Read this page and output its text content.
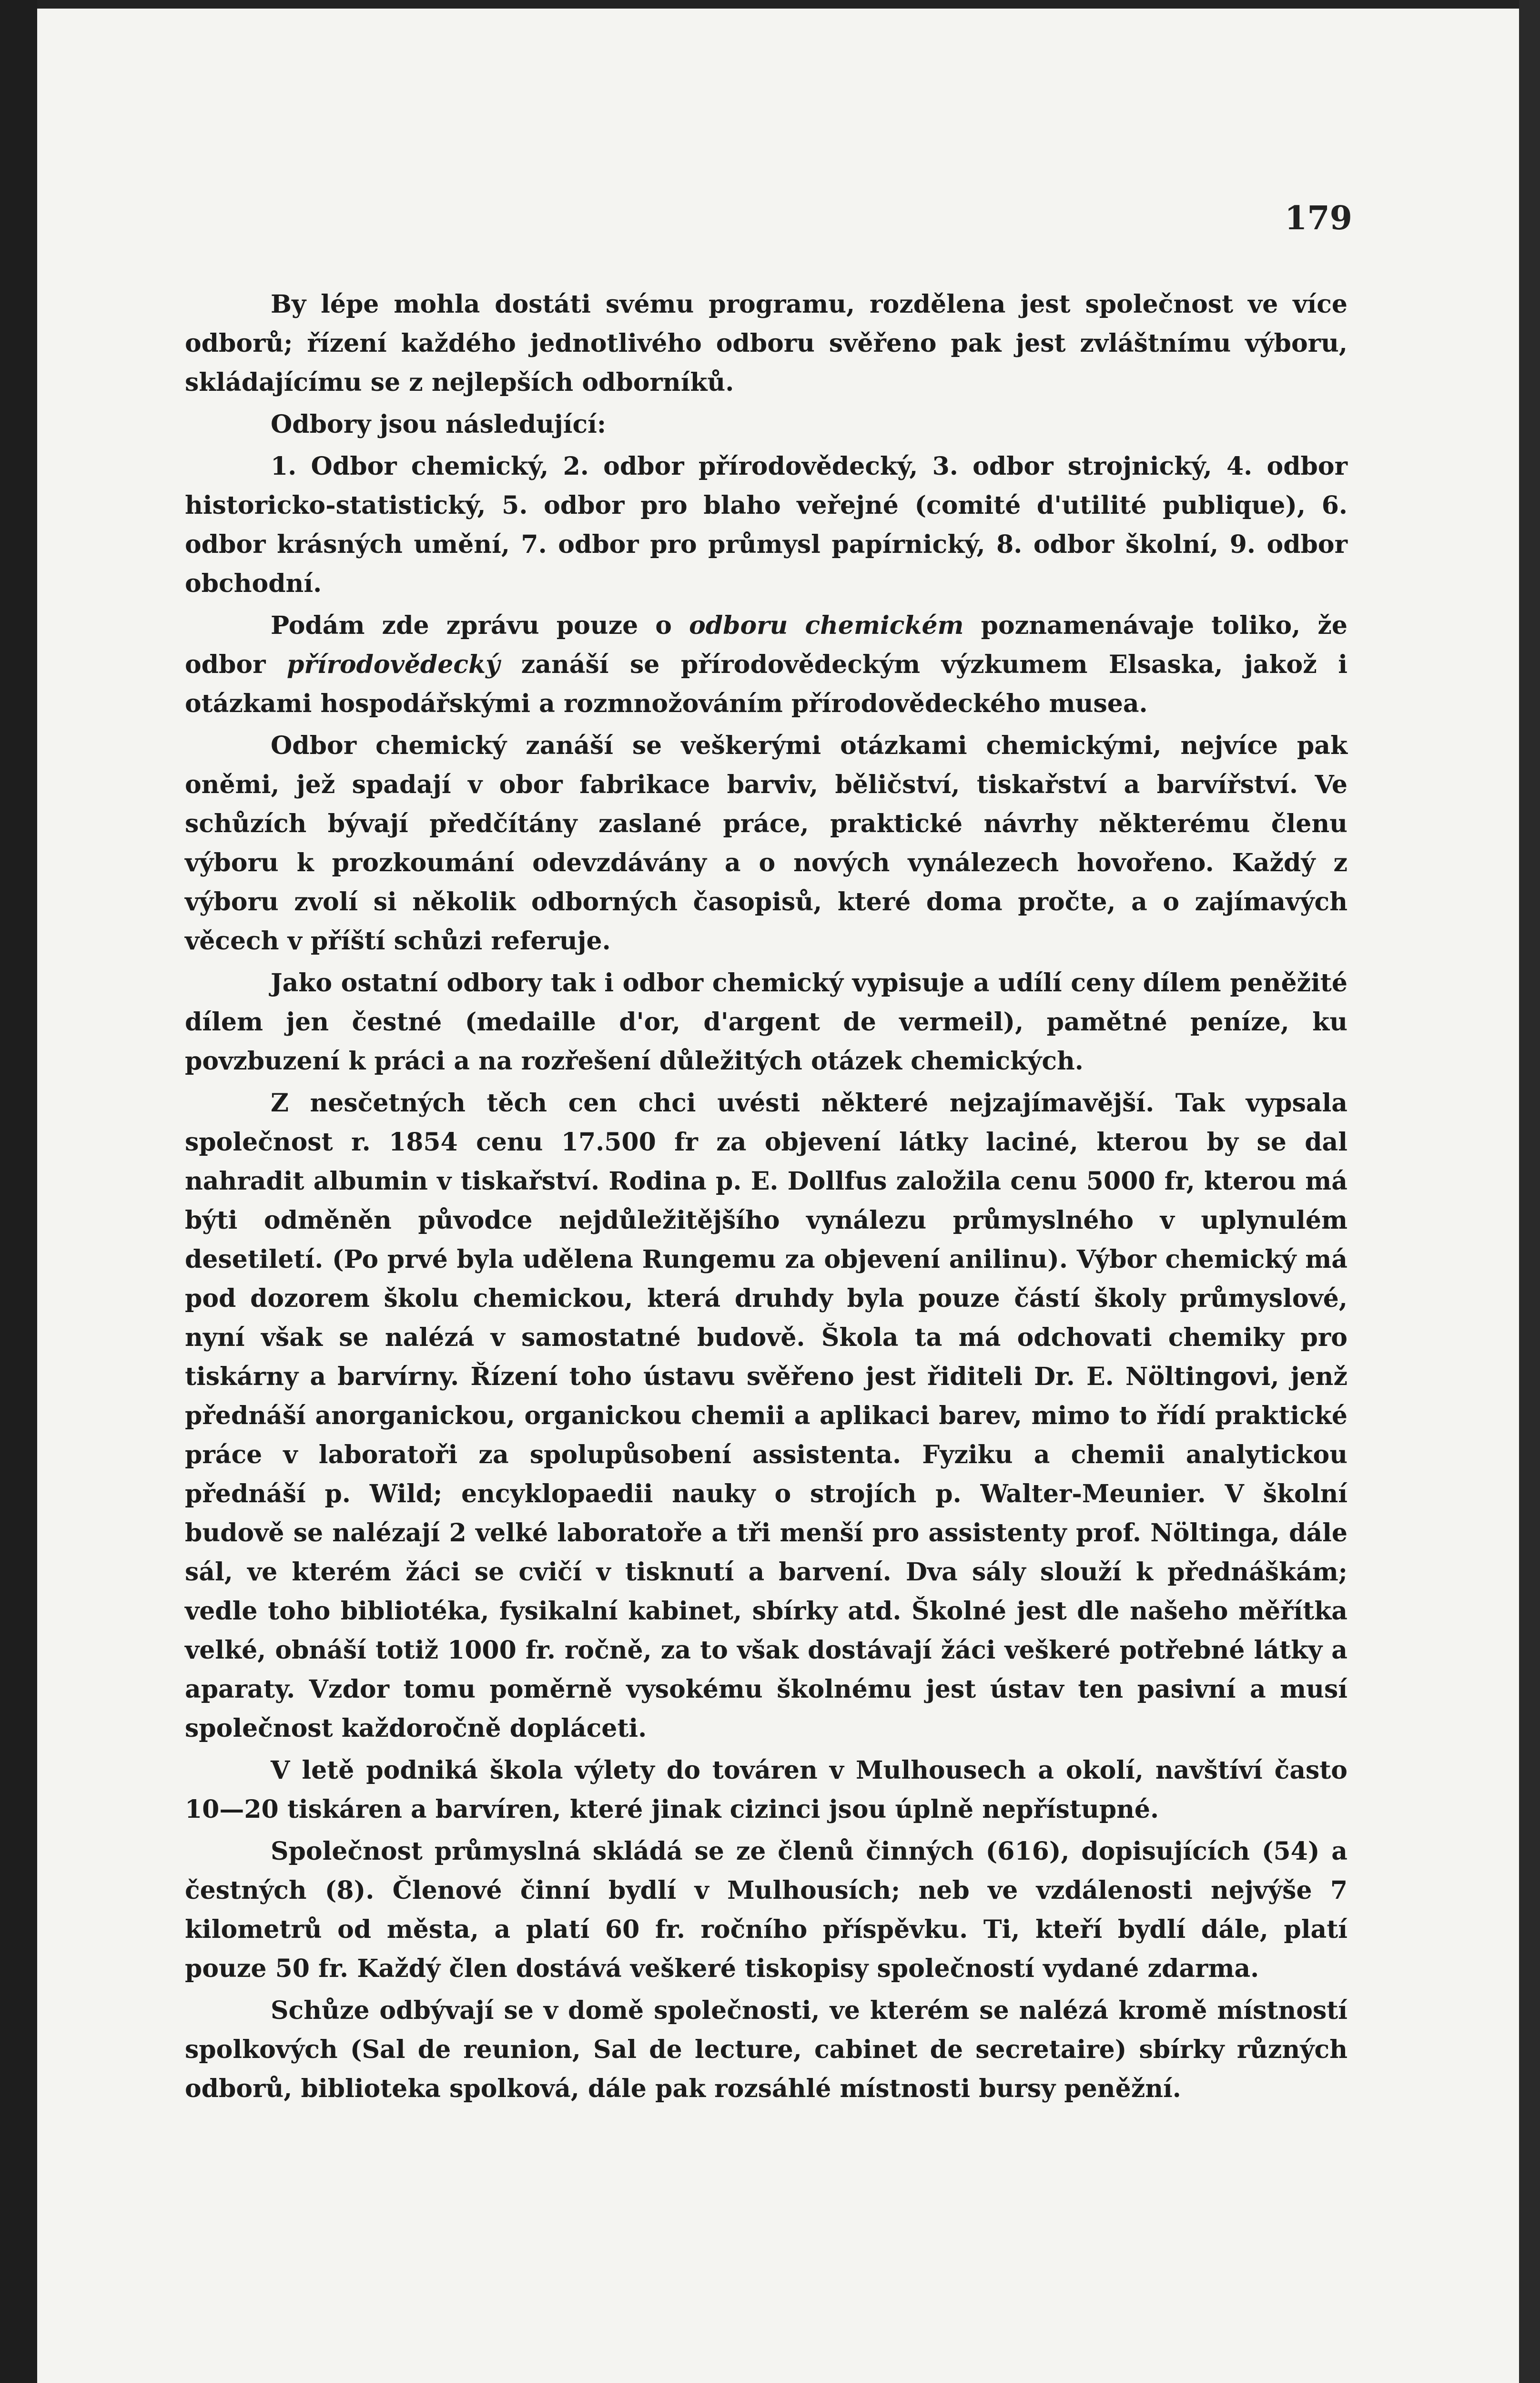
179

By lépe mohla dostáti svému programu, rozdělena jest společnost ve více odborů; řízení každého jednotlivého odboru svěřeno pak jest zvláštnímu výboru, skládajícímu se z nejlepších odborníků.

Odbory jsou následující:

1. Odbor chemický, 2. odbor přírodovědecký, 3. odbor strojnický, 4. odbor historicko-statistický, 5. odbor pro blaho veřejné (comité d'utilité publique), 6. odbor krásných umění, 7. odbor pro průmysl papírnický, 8. odbor školní, 9. odbor obchodní.

Podám zde zprávu pouze o odboru chemickém poznamenávaje toliko, že odbor přírodovědecký zanáší se přírodovědeckým výzkumem Elsaska, jakož i otázkami hospodářskými a rozmnožováním přírodovědeckého musea.

Odbor chemický zanáší se veškerými otázkami chemickými, nejvíce pak oněmi, jež spadají v obor fabrikace barviv, běličství, tiskařství a barvířství. Ve schůzích bývají předčítány zaslané práce, praktické návrhy některému členu výboru k prozkoumání odevzdávány a o nových vynálezech hovořeno. Každý z výboru zvolí si několik odborných časopisů, které doma pročte, a o zajímavých věcech v příští schůzi referuje.

Jako ostatní odbory tak i odbor chemický vypisuje a udílí ceny dílem peněžité dílem jen čestné (medaille d'or, d'argent de vermeil), pamětné peníze, ku povzbuzení k práci a na rozřešení důležitých otázek chemických.

Z nesčetných těch cen chci uvésti některé nejzajímavější. Tak vypsala společnost r. 1854 cenu 17.500 fr za objevení látky laciné, kterou by se dal nahradit albumin v tiskařství. Rodina p. E. Dollfus založila cenu 5000 fr, kterou má býti odměněn původce nejdůležitějšího vynálezu průmyslného v uplynulém desetiletí. (Po prvé byla udělena Rungemu za objevení anilinu). Výbor chemický má pod dozorem školu chemickou, která druhdy byla pouze částí školy průmyslové, nyní však se nalézá v samostatné budově. Škola ta má odchovati chemiky pro tiskárny a barvírny. Řízení toho ústavu svěřeno jest řiditeli Dr. E. Nöltingovi, jenž přednáší anorganickou, organickou chemii a aplikaci barev, mimo to řídí praktické práce v laboratoři za spolupůsobení assistenta. Fyziku a chemii analytickou přednáší p. Wild; encyklopaedii nauky o strojích p. Walter-Meunier. V školní budově se nalézají 2 velké laboratoře a tři menší pro assistenty prof. Nöltinga, dále sál, ve kterém žáci se cvičí v tisknutí a barvení. Dva sály slouží k přednáškám; vedle toho bibliotéka, fysikalní kabinet, sbírky atd. Školné jest dle našeho měřítka velké, obnáší totiž 1000 fr. ročně, za to však dostávají žáci veškeré potřebné látky a aparaty. Vzdor tomu poměrně vysokému školnému jest ústav ten pasivní a musí společnost každoročně dopláceti.

V letě podniká škola výlety do továren v Mulhousech a okolí, navštíví často 10—20 tiskáren a barvíren, které jinak cizinci jsou úplně nepřístupné.

Společnost průmyslná skládá se ze členů činných (616), dopisujících (54) a čestných (8). Členové činní bydlí v Mulhousích; neb ve vzdálenosti nejvýše 7 kilometrů od města, a platí 60 fr. ročního příspěvku. Ti, kteří bydlí dále, platí pouze 50 fr. Každý člen dostává veškeré tiskopisy společností vydané zdarma.

Schůze odbývají se v domě společnosti, ve kterém se nalézá kromě místností spolkových (Sal de reunion, Sal de lecture, cabinet de secretaire) sbírky různých odborů, biblioteka spolková, dále pak rozsáhlé místnosti bursy peněžní.
